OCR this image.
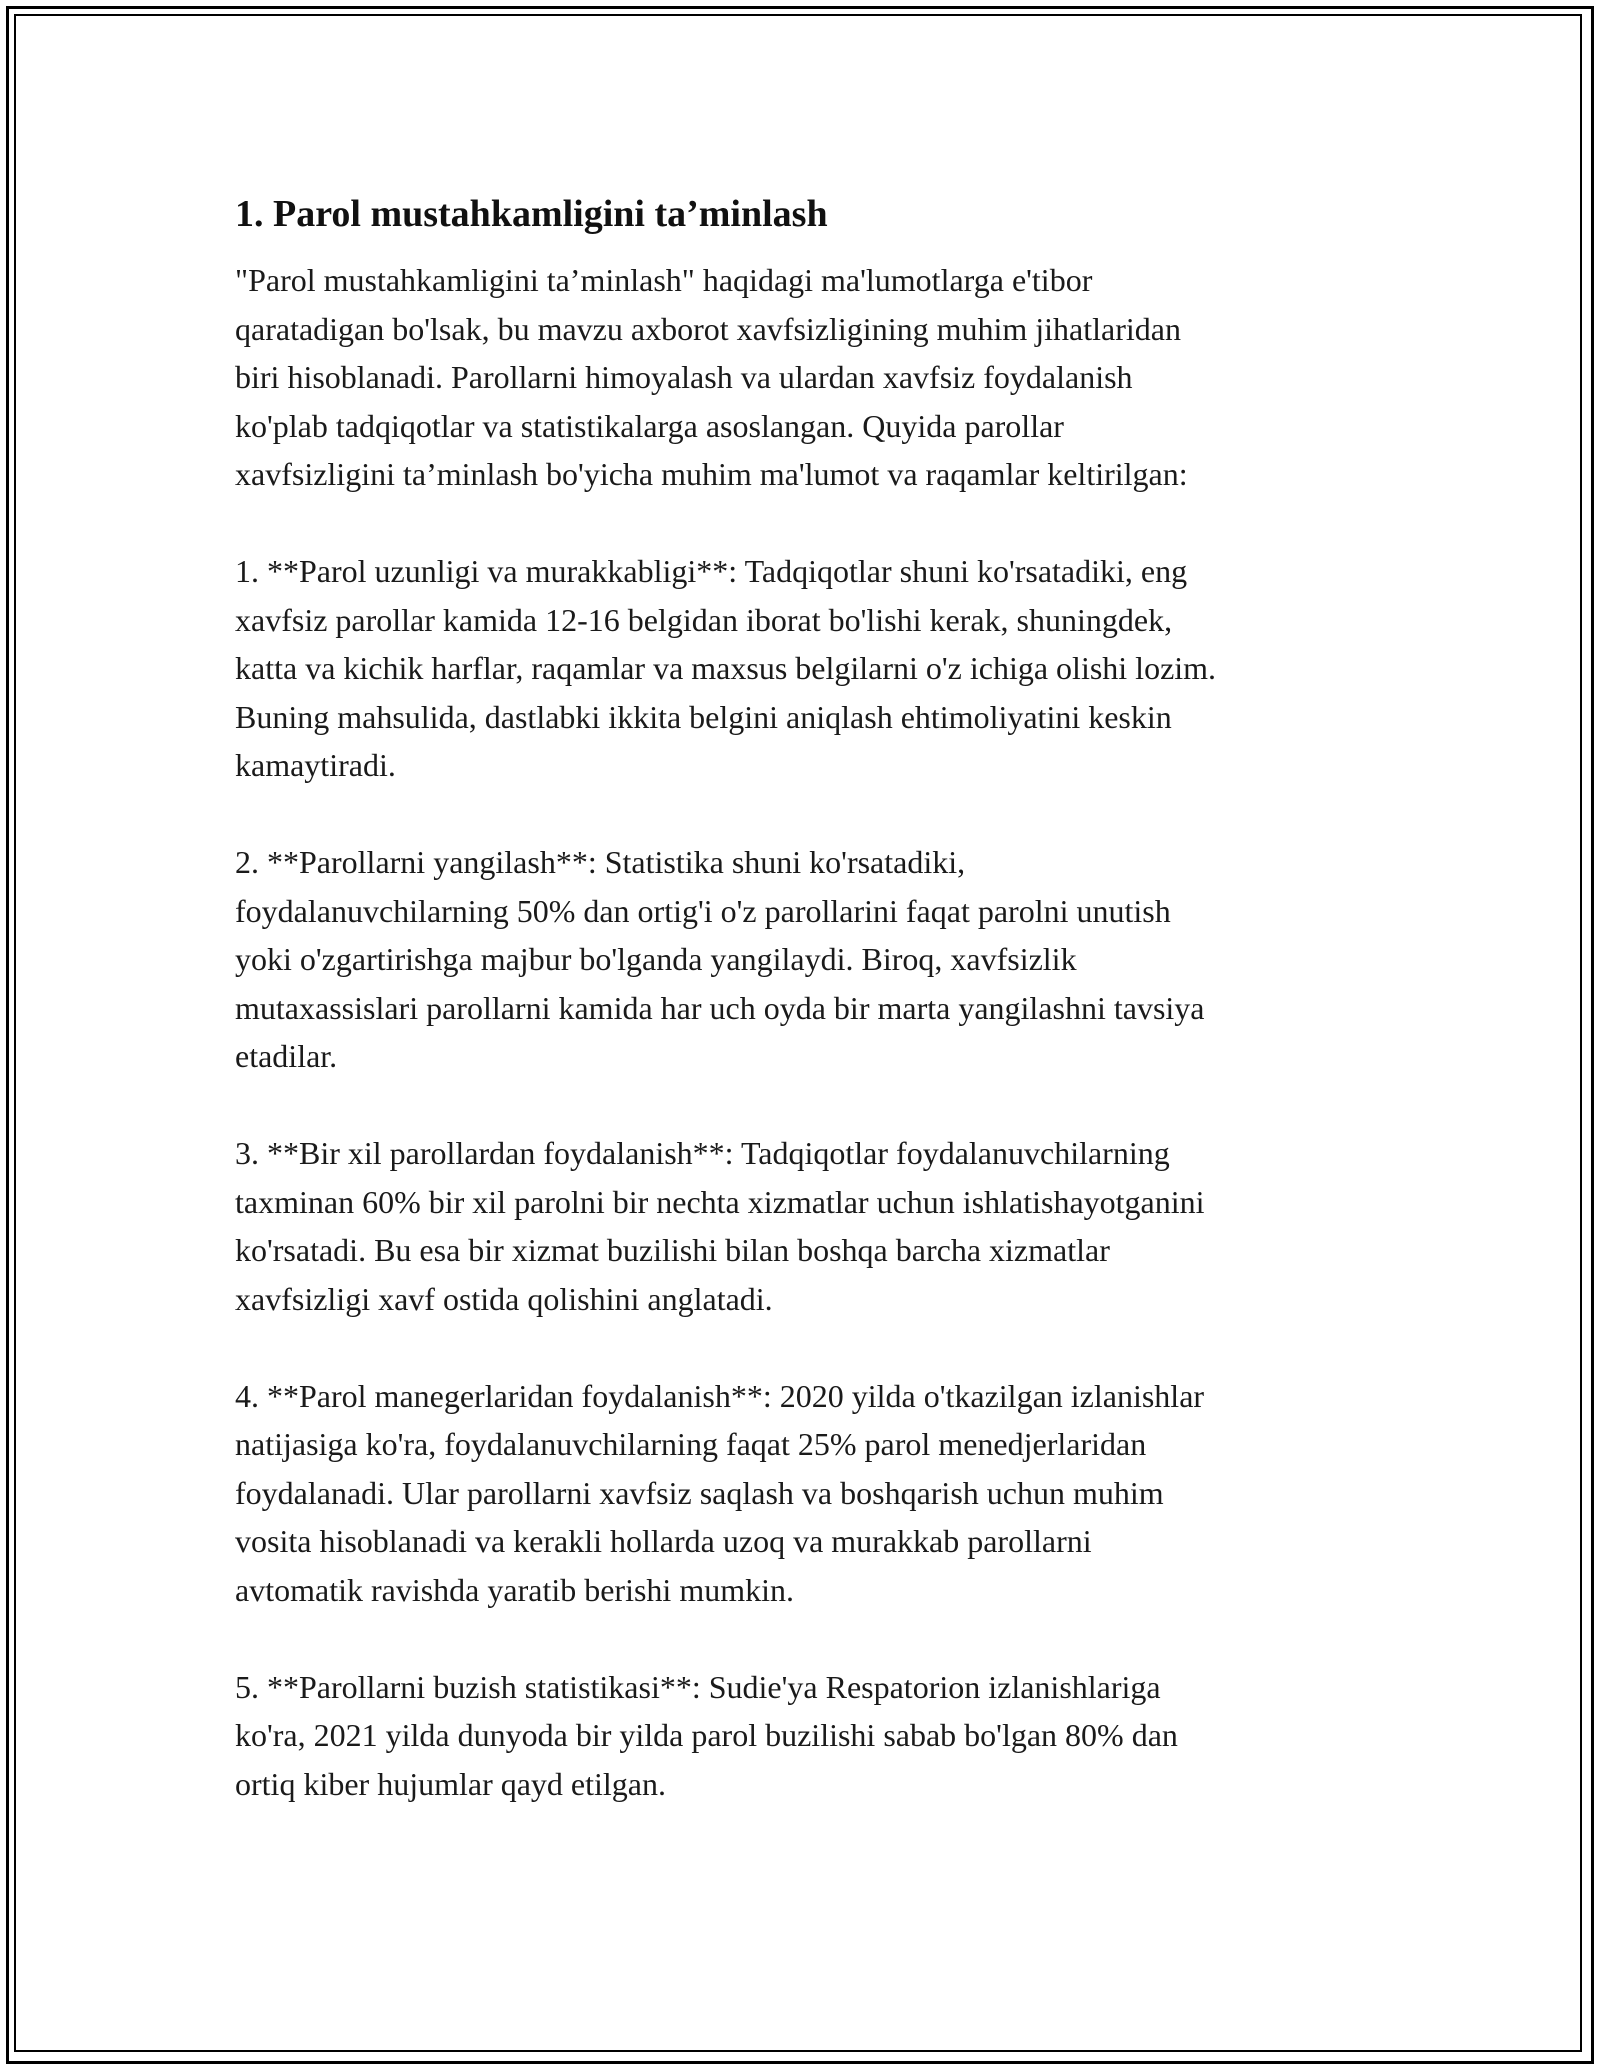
1. Parol mustahkamligini ta’minlash
"Parol mustahkamligini ta’minlash" haqidagi ma'lumotlarga e'tibor
qaratadigan bo'lsak, bu mavzu axborot xavfsizligining muhim jihatlaridan
biri hisoblanadi. Parollarni himoyalash va ulardan xavfsiz foydalanish
ko'plab tadqiqotlar va statistikalarga asoslangan. Quyida parollar
xavfsizligini ta’minlash bo'yicha muhim ma'lumot va raqamlar keltirilgan:
1. **Parol uzunligi va murakkabligi**: Tadqiqotlar shuni ko'rsatadiki, eng
xavfsiz parollar kamida 12-16 belgidan iborat bo'lishi kerak, shuningdek,
katta va kichik harflar, raqamlar va maxsus belgilarni o'z ichiga olishi lozim.
Buning mahsulida, dastlabki ikkita belgini aniqlash ehtimoliyatini keskin
kamaytiradi.
2. **Parollarni yangilash**: Statistika shuni ko'rsatadiki,
foydalanuvchilarning 50% dan ortig'i o'z parollarini faqat parolni unutish
yoki o'zgartirishga majbur bo'lganda yangilaydi. Biroq, xavfsizlik
mutaxassislari parollarni kamida har uch oyda bir marta yangilashni tavsiya
etadilar.
3. **Bir xil parollardan foydalanish**: Tadqiqotlar foydalanuvchilarning
taxminan 60% bir xil parolni bir nechta xizmatlar uchun ishlatishayotganini
ko'rsatadi. Bu esa bir xizmat buzilishi bilan boshqa barcha xizmatlar
xavfsizligi xavf ostida qolishini anglatadi.
4. **Parol manegerlaridan foydalanish**: 2020 yilda o'tkazilgan izlanishlar
natijasiga ko'ra, foydalanuvchilarning faqat 25% parol menedjerlaridan
foydalanadi. Ular parollarni xavfsiz saqlash va boshqarish uchun muhim
vosita hisoblanadi va kerakli hollarda uzoq va murakkab parollarni
avtomatik ravishda yaratib berishi mumkin.
5. **Parollarni buzish statistikasi**: Sudie'ya Respatorion izlanishlariga
ko'ra, 2021 yilda dunyoda bir yilda parol buzilishi sabab bo'lgan 80% dan
ortiq kiber hujumlar qayd etilgan.
